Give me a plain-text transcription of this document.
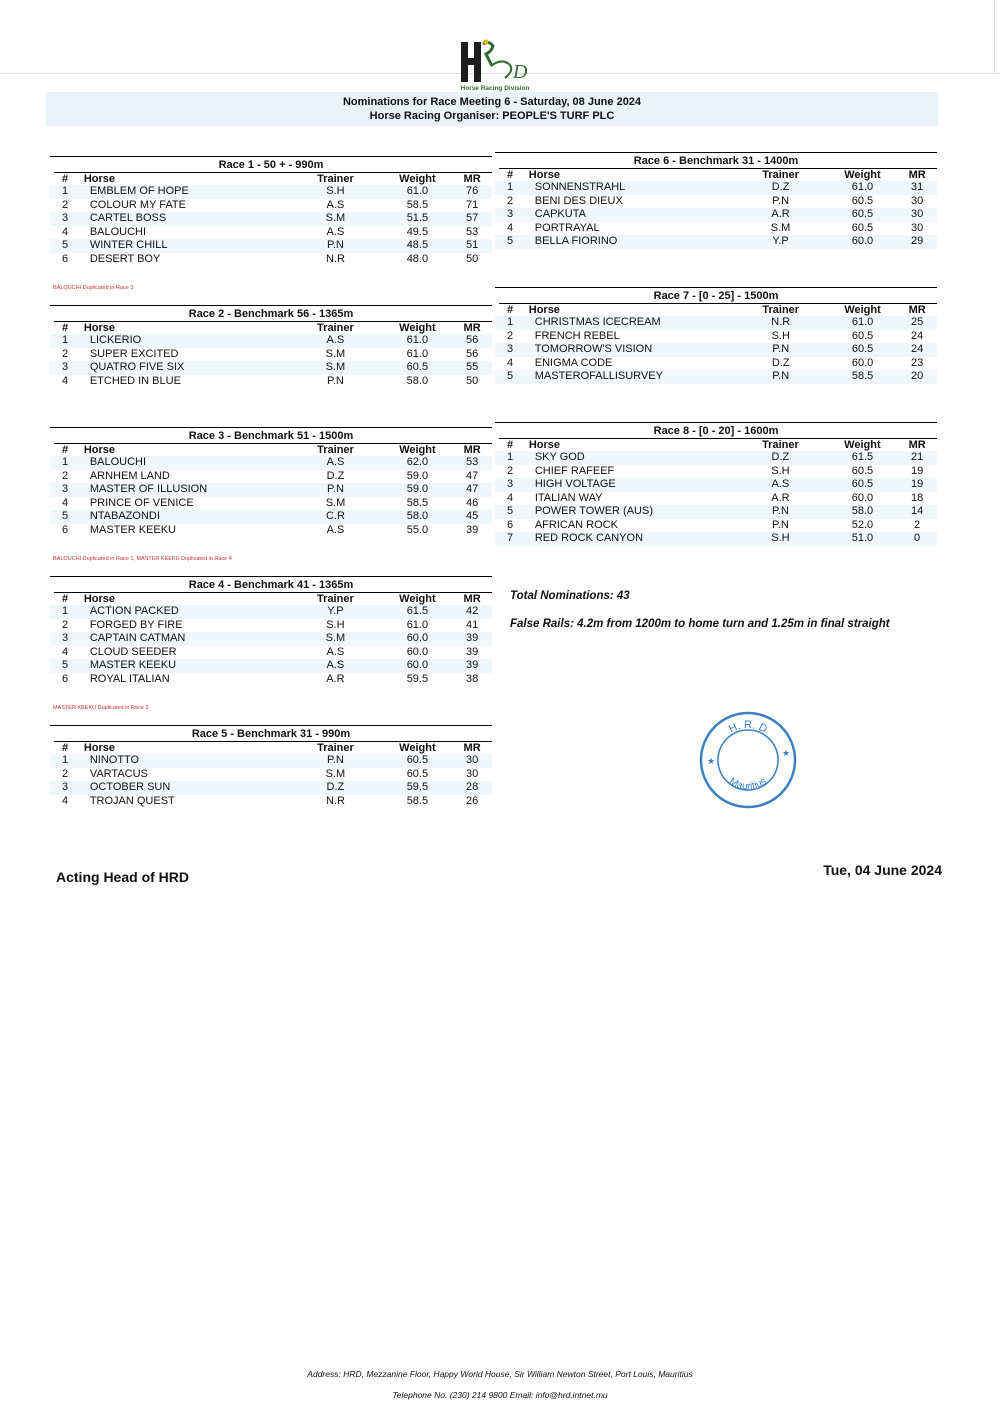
D
Horse Racing Division
Nominations for Race Meeting 6 - Saturday, 08 June 2024
Horse Racing Organiser: PEOPLE'S TURF PLC
Race 1 - 50 + - 990m
#	Horse	Trainer	Weight	MR
1	EMBLEM OF HOPE	S.H	61.0	76
2	COLOUR MY FATE	A.S	58.5	71
3	CARTEL BOSS	S.M	51.5	57
4	BALOUCHI	A.S	49.5	53
5	WINTER CHILL	P.N	48.5	51
6	DESERT BOY	N.R	48.0	50
Race 2 - Benchmark 56 - 1365m
#	Horse	Trainer	Weight	MR
1	LICKERIO	A.S	61.0	56
2	SUPER EXCITED	S.M	61.0	56
3	QUATRO FIVE SIX	S.M	60.5	55
4	ETCHED IN BLUE	P.N	58.0	50
Race 3 - Benchmark 51 - 1500m
#	Horse	Trainer	Weight	MR
1	BALOUCHI	A.S	62.0	53
2	ARNHEM LAND	D.Z	59.0	47
3	MASTER OF ILLUSION	P.N	59.0	47
4	PRINCE OF VENICE	S.M	58.5	46
5	NTABAZONDI	C.R	58.0	45
6	MASTER KEEKU	A.S	55.0	39
Race 4 - Benchmark 41 - 1365m
#	Horse	Trainer	Weight	MR
1	ACTION PACKED	Y.P	61.5	42
2	FORGED BY FIRE	S.H	61.0	41
3	CAPTAIN CATMAN	S.M	60.0	39
4	CLOUD SEEDER	A.S	60.0	39
5	MASTER KEEKU	A.S	60.0	39
6	ROYAL ITALIAN	A.R	59.5	38
Race 5 - Benchmark 31 - 990m
#	Horse	Trainer	Weight	MR
1	NINOTTO	P.N	60.5	30
2	VARTACUS	S.M	60.5	30
3	OCTOBER SUN	D.Z	59.5	28
4	TROJAN QUEST	N.R	58.5	26
Race 6 - Benchmark 31 - 1400m
#	Horse	Trainer	Weight	MR
1	SONNENSTRAHL	D.Z	61.0	31
2	BENI DES DIEUX	P.N	60.5	30
3	CAPKUTA	A.R	60.5	30
4	PORTRAYAL	S.M	60.5	30
5	BELLA FIORINO	Y.P	60.0	29
Race 7 - [0 - 25] - 1500m
#	Horse	Trainer	Weight	MR
1	CHRISTMAS ICECREAM	N.R	61.0	25
2	FRENCH REBEL	S.H	60.5	24
3	TOMORROW'S VISION	P.N	60.5	24
4	ENIGMA CODE	D.Z	60.0	23
5	MASTEROFALLISURVEY	P.N	58.5	20
Race 8 - [0 - 20] - 1600m
#	Horse	Trainer	Weight	MR
1	SKY GOD	D.Z	61.5	21
2	CHIEF RAFEEF	S.H	60.5	19
3	HIGH VOLTAGE	A.S	60.5	19
4	ITALIAN WAY	A.R	60.0	18
5	POWER TOWER (AUS)	P.N	58.0	14
6	AFRICAN ROCK	P.N	52.0	2
7	RED ROCK CANYON	S.H	51.0	0
BALOUCHI Duplicated in Race 3
BALOUCHI Duplicated in Race 1, MASTER KEEKU Duplicated in Race 4
MASTER KEEKU Duplicated in Race 3
Total Nominations: 43
False Rails: 4.2m from 1200m to home turn and 1.25m in final straight
H. R. D
Mauritius
★
★
Acting Head of HRD	Tue, 04 June 2024
Address: HRD, Mezzanine Floor, Happy World House, Sir William Newton Street, Port Louis, Mauritius
Telephone No. (230) 214 9800 Email: info@hrd.intnet.mu
